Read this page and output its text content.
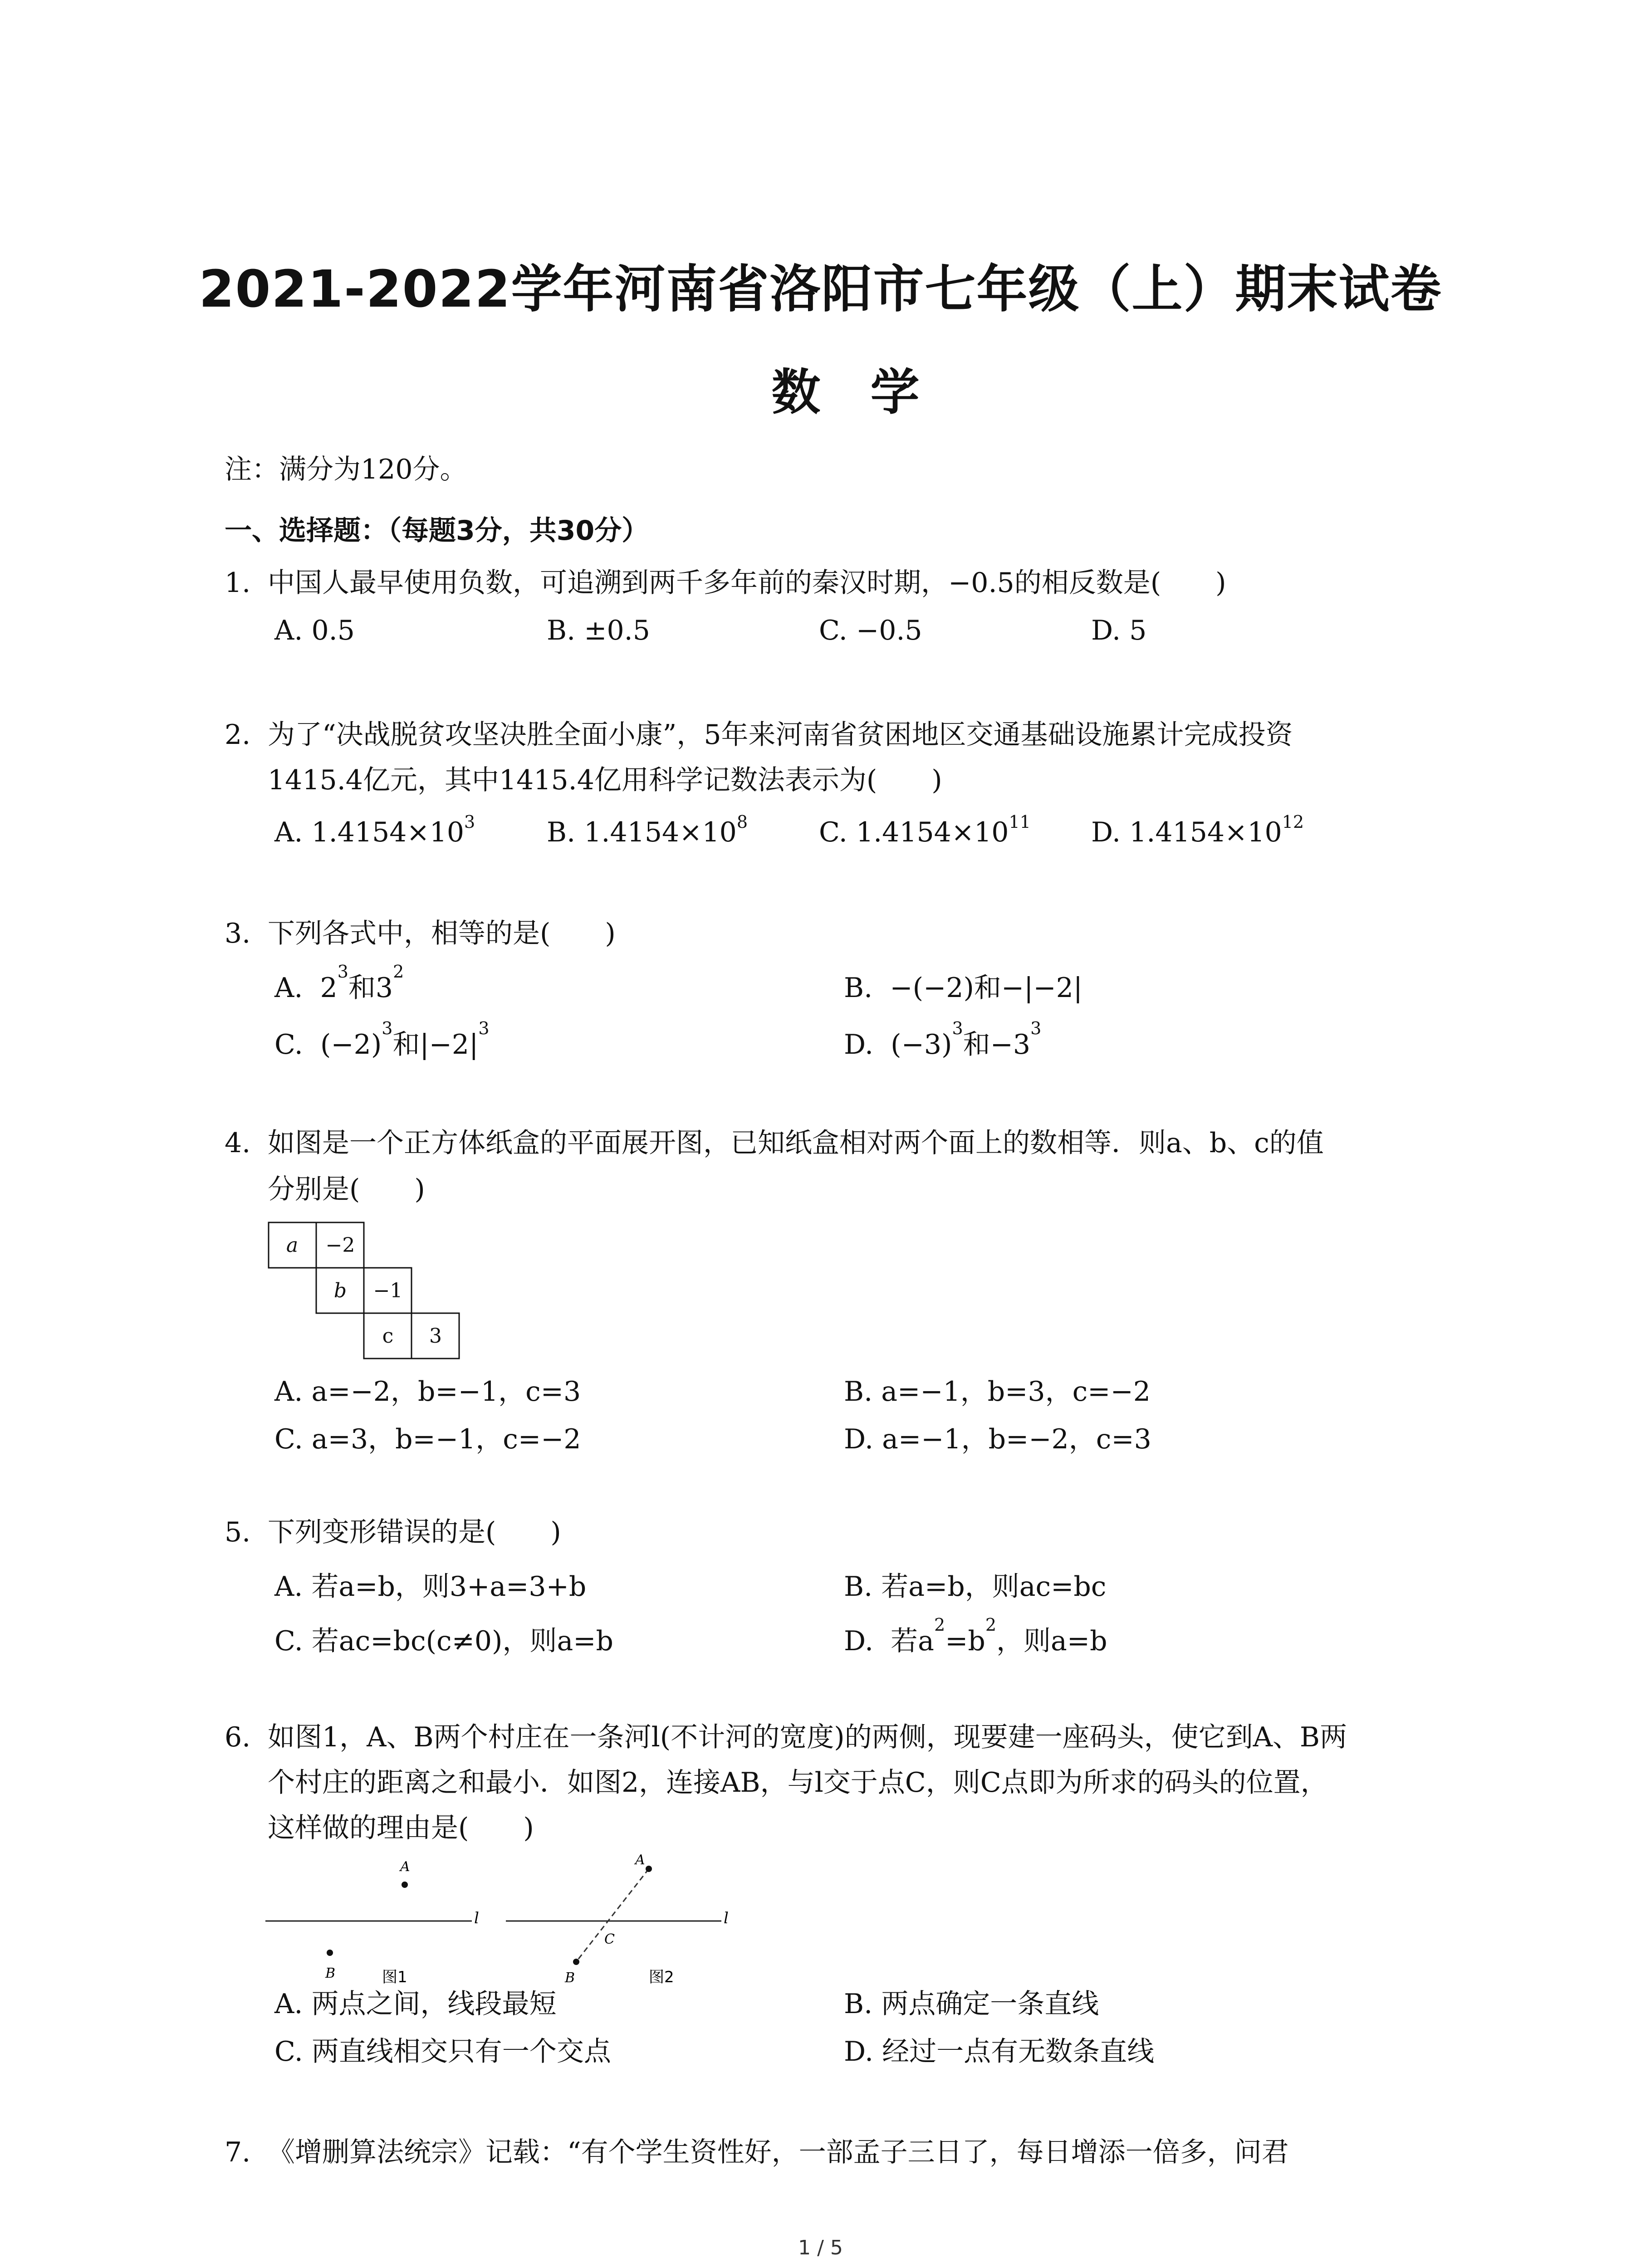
2021-2022学年河南省洛阳市七年级（上）期末试卷
数学
注：满分为120分。
一、选择题：（每题3分，共30分）
1. 中国人最早使用负数，可追溯到两千多年前的秦汉时期，−0.5的相反数是(　　)
A. 0.5	B. ±0.5	C. −0.5	D. 5
2. 为了“决战脱贫攻坚决胜全面小康”，5年来河南省贫困地区交通基础设施累计完成投资
1415.4亿元，其中1415.4亿用科学记数法表示为(　　)
A. $1.4154\times 10^3$	B. $1.4154\times 10^8$	C. $1.4154\times 10^{11}$ D. $1.4154\times 10^{12}$
3. 下列各式中，相等的是(　　)
A.  $2^3$和$3^2$
B.  −(−2)和−|−2|
C.  $(-2)^3$和$|-2|^3$
D.  $(-3)^3$和$-3^3$
4. 如图是一个正方体纸盒的平面展开图，已知纸盒相对两个面上的数相等．则a、b、c的值
分别是(　　)
a −2
b −1
c 3
A. a=−2，b=−1，c=3	B. a=−1，b=3，c=−2
C. a=3，b=−1，c=−2	D. a=−1，b=−2，c=3
5. 下列变形错误的是(　　)
A. 若a=b，则3+a=3+b	B. 若a=b，则ac=bc
C. 若ac=bc(c≠0)，则a=b	D.  若$a^2=b^2$，则a=b
6. 如图1，A、B两个村庄在一条河l(不计河的宽度)的两侧，现要建一座码头，使它到A、B两
个村庄的距离之和最小．如图2，连接AB，与l交于点C，则C点即为所求的码头的位置，
这样做的理由是(　　)
l
A
B	图1
l
A
B
C
图2
A. 两点之间，线段最短	B. 两点确定一条直线
C. 两直线相交只有一个交点	D. 经过一点有无数条直线
7. 《增删算法统宗》记载：“有个学生资性好，一部孟子三日了，每日增添一倍多，问君
1 / 5
